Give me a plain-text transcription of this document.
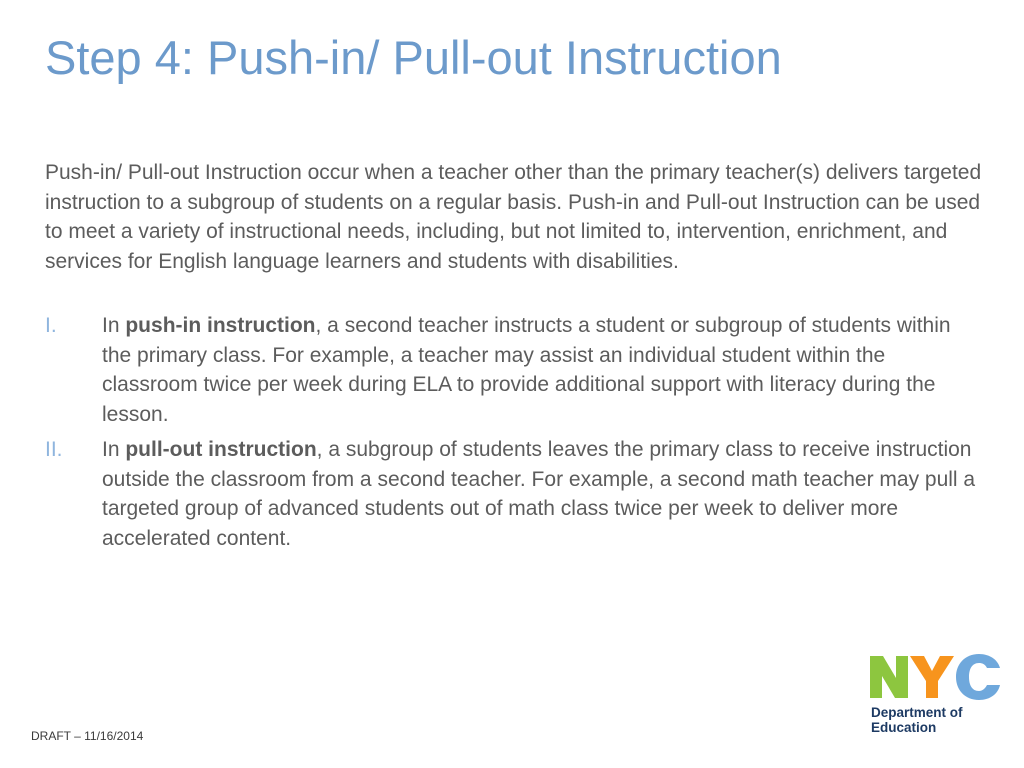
Step 4: Push-in/ Pull-out Instruction

Push-in/ Pull-out Instruction occur when a teacher other than the primary teacher(s) delivers targeted instruction to a subgroup of students on a regular basis. Push-in and Pull-out Instruction can be used to meet a variety of instructional needs, including, but not limited to, intervention, enrichment, and services for English language learners and students with disabilities.

I. In push-in instruction, a second teacher instructs a student or subgroup of students within the primary class. For example, a teacher may assist an individual student within the classroom twice per week during ELA to provide additional support with literacy during the lesson.
II. In pull-out instruction, a subgroup of students leaves the primary class to receive instruction outside the classroom from a second teacher. For example, a second math teacher may pull a targeted group of advanced students out of math class twice per week to deliver more accelerated content.
Department of
Education
DRAFT – 11/16/2014
